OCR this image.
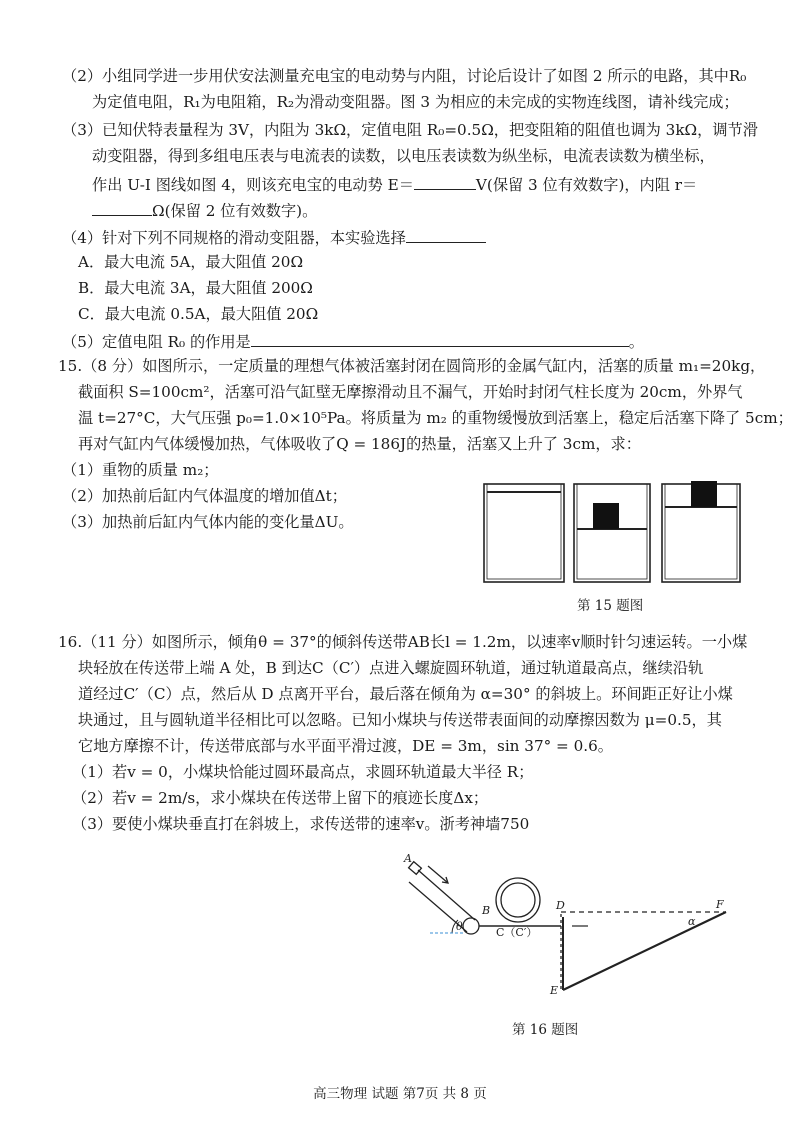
（2）小组同学进一步用伏安法测量充电宝的电动势与内阻，讨论后设计了如图 2 所示的电路，其中R₀
为定值电阻，R₁为电阻箱，R₂为滑动变阻器。图 3 为相应的未完成的实物连线图，请补线完成；
（3）已知伏特表量程为 3V，内阻为 3kΩ，定值电阻 R₀=0.5Ω，把变阻箱的阻值也调为 3kΩ，调节滑
动变阻器，得到多组电压表与电流表的读数，以电压表读数为纵坐标，电流表读数为横坐标，
作出 U-I 图线如图 4，则该充电宝的电动势 E＝	V(保留 3 位有效数字)，内阻 r＝
Ω(保留 2 位有效数字)。
（4）针对下列不同规格的滑动变阻器，本实验选择
A．最大电流 5A，最大阻值 20Ω
B．最大电流 3A，最大阻值 200Ω
C．最大电流 0.5A，最大阻值 20Ω
（5）定值电阻 R₀ 的作用是	。
15.（8 分）如图所示，一定质量的理想气体被活塞封闭在圆筒形的金属气缸内，活塞的质量 m₁=20kg，
截面积 S=100cm²，活塞可沿气缸壁无摩擦滑动且不漏气，开始时封闭气柱长度为 20cm，外界气
温 t=27°C，大气压强 p₀=1.0×10⁵Pa。将质量为 m₂ 的重物缓慢放到活塞上，稳定后活塞下降了 5cm；
再对气缸内气体缓慢加热，气体吸收了Q = 186J的热量，活塞又上升了 3cm，求：
（1）重物的质量 m₂；
（2）加热前后缸内气体温度的增加值Δt；
（3）加热前后缸内气体内能的变化量ΔU。
第 15 题图
16.（11 分）如图所示，倾角θ = 37°的倾斜传送带AB长l = 1.2m，以速率v顺时针匀速运转。一小煤
块轻放在传送带上端 A 处，B 到达C（C′）点进入螺旋圆环轨道，通过轨道最高点，继续沿轨
道经过C′（C）点，然后从 D 点离开平台，最后落在倾角为 α=30° 的斜坡上。环间距正好让小煤
块通过，且与圆轨道半径相比可以忽略。已知小煤块与传送带表面间的动摩擦因数为 μ=0.5，其
它地方摩擦不计，传送带底部与水平面平滑过渡，DE = 3m，sin 37° = 0.6。
（1）若v = 0，小煤块恰能过圆环最高点，求圆环轨道最大半径 R；
（2）若v = 2m/s，求小煤块在传送带上留下的痕迹长度Δx；
（3）要使小煤块垂直打在斜坡上，求传送带的速率v。浙考神墙750
A
B
C（C′）
D
E
F
θ	α
第 16 题图
高三物理 试题 第7页 共 8 页
